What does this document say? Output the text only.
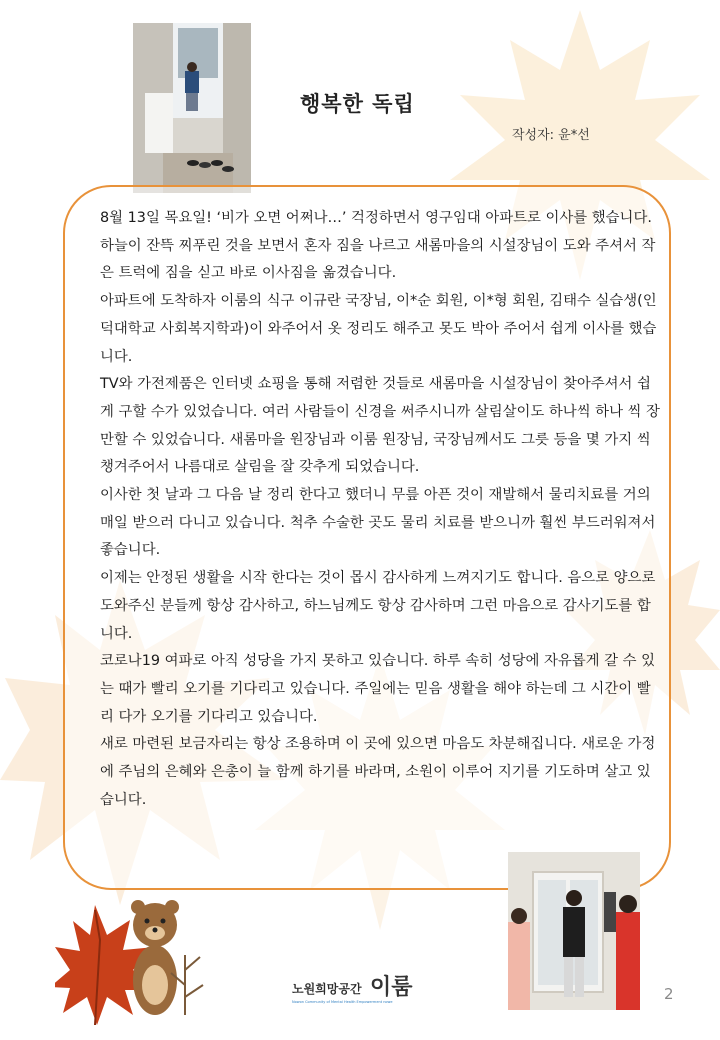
행복한 독립
작성자: 윤*선

8월 13일 목요일! ‘비가 오면 어쩌나…’ 걱정하면서 영구임대 아파트로 이사를 했습니다. 하늘이 잔뜩 찌푸린 것을 보면서 혼자 짐을 나르고 새롬마을의 시설장님이 도와 주셔서 작은 트럭에 짐을 싣고 바로 이사짐을 옮겼습니다.

아파트에 도착하자 이룸의 식구 이규란 국장님, 이*순 회원, 이*형 회원, 김태수 실습생(인덕대학교 사회복지학과)이 와주어서 옷 정리도 해주고 못도 박아 주어서 쉽게 이사를 했습니다.

TV와 가전제품은 인터넷 쇼핑을 통해 저렴한 것들로 새롬마을 시설장님이 찾아주셔서 쉽게 구할 수가 있었습니다. 여러 사람들이 신경을 써주시니까 살림살이도 하나씩 하나 씩 장만할 수 있었습니다. 새롬마을 원장님과 이룸 원장님, 국장님께서도 그릇 등을 몇 가지 씩 챙겨주어서 나름대로 살림을 잘 갖추게 되었습니다.

이사한 첫 날과 그 다음 날 정리 한다고 했더니 무릎 아픈 것이 재발해서 물리치료를 거의 매일 받으러 다니고 있습니다. 척추 수술한 곳도 물리 치료를 받으니까 훨씬 부드러워져서 좋습니다.

이제는 안정된 생활을 시작 한다는 것이 몹시 감사하게 느껴지기도 합니다. 음으로 양으로 도와주신 분들께 항상 감사하고, 하느님께도 항상 감사하며 그런 마음으로 감사기도를 합니다.

코로나19 여파로 아직 성당을 가지 못하고 있습니다. 하루 속히 성당에 자유롭게 갈 수 있는 때가 빨리 오기를 기다리고 있습니다. 주일에는 믿음 생활을 해야 하는데 그 시간이 빨리 다가 오기를 기다리고 있습니다.

새로 마련된 보금자리는 항상 조용하며 이 곳에 있으면 마음도 차분해집니다. 새로운 가정에 주님의 은혜와 은총이 늘 함께 하기를 바라며, 소원이 이루어 지기를 기도하며 살고 있습니다.

노원희망공간 이룸
Nowon Community of Mental Health Empowerment nowe	2
